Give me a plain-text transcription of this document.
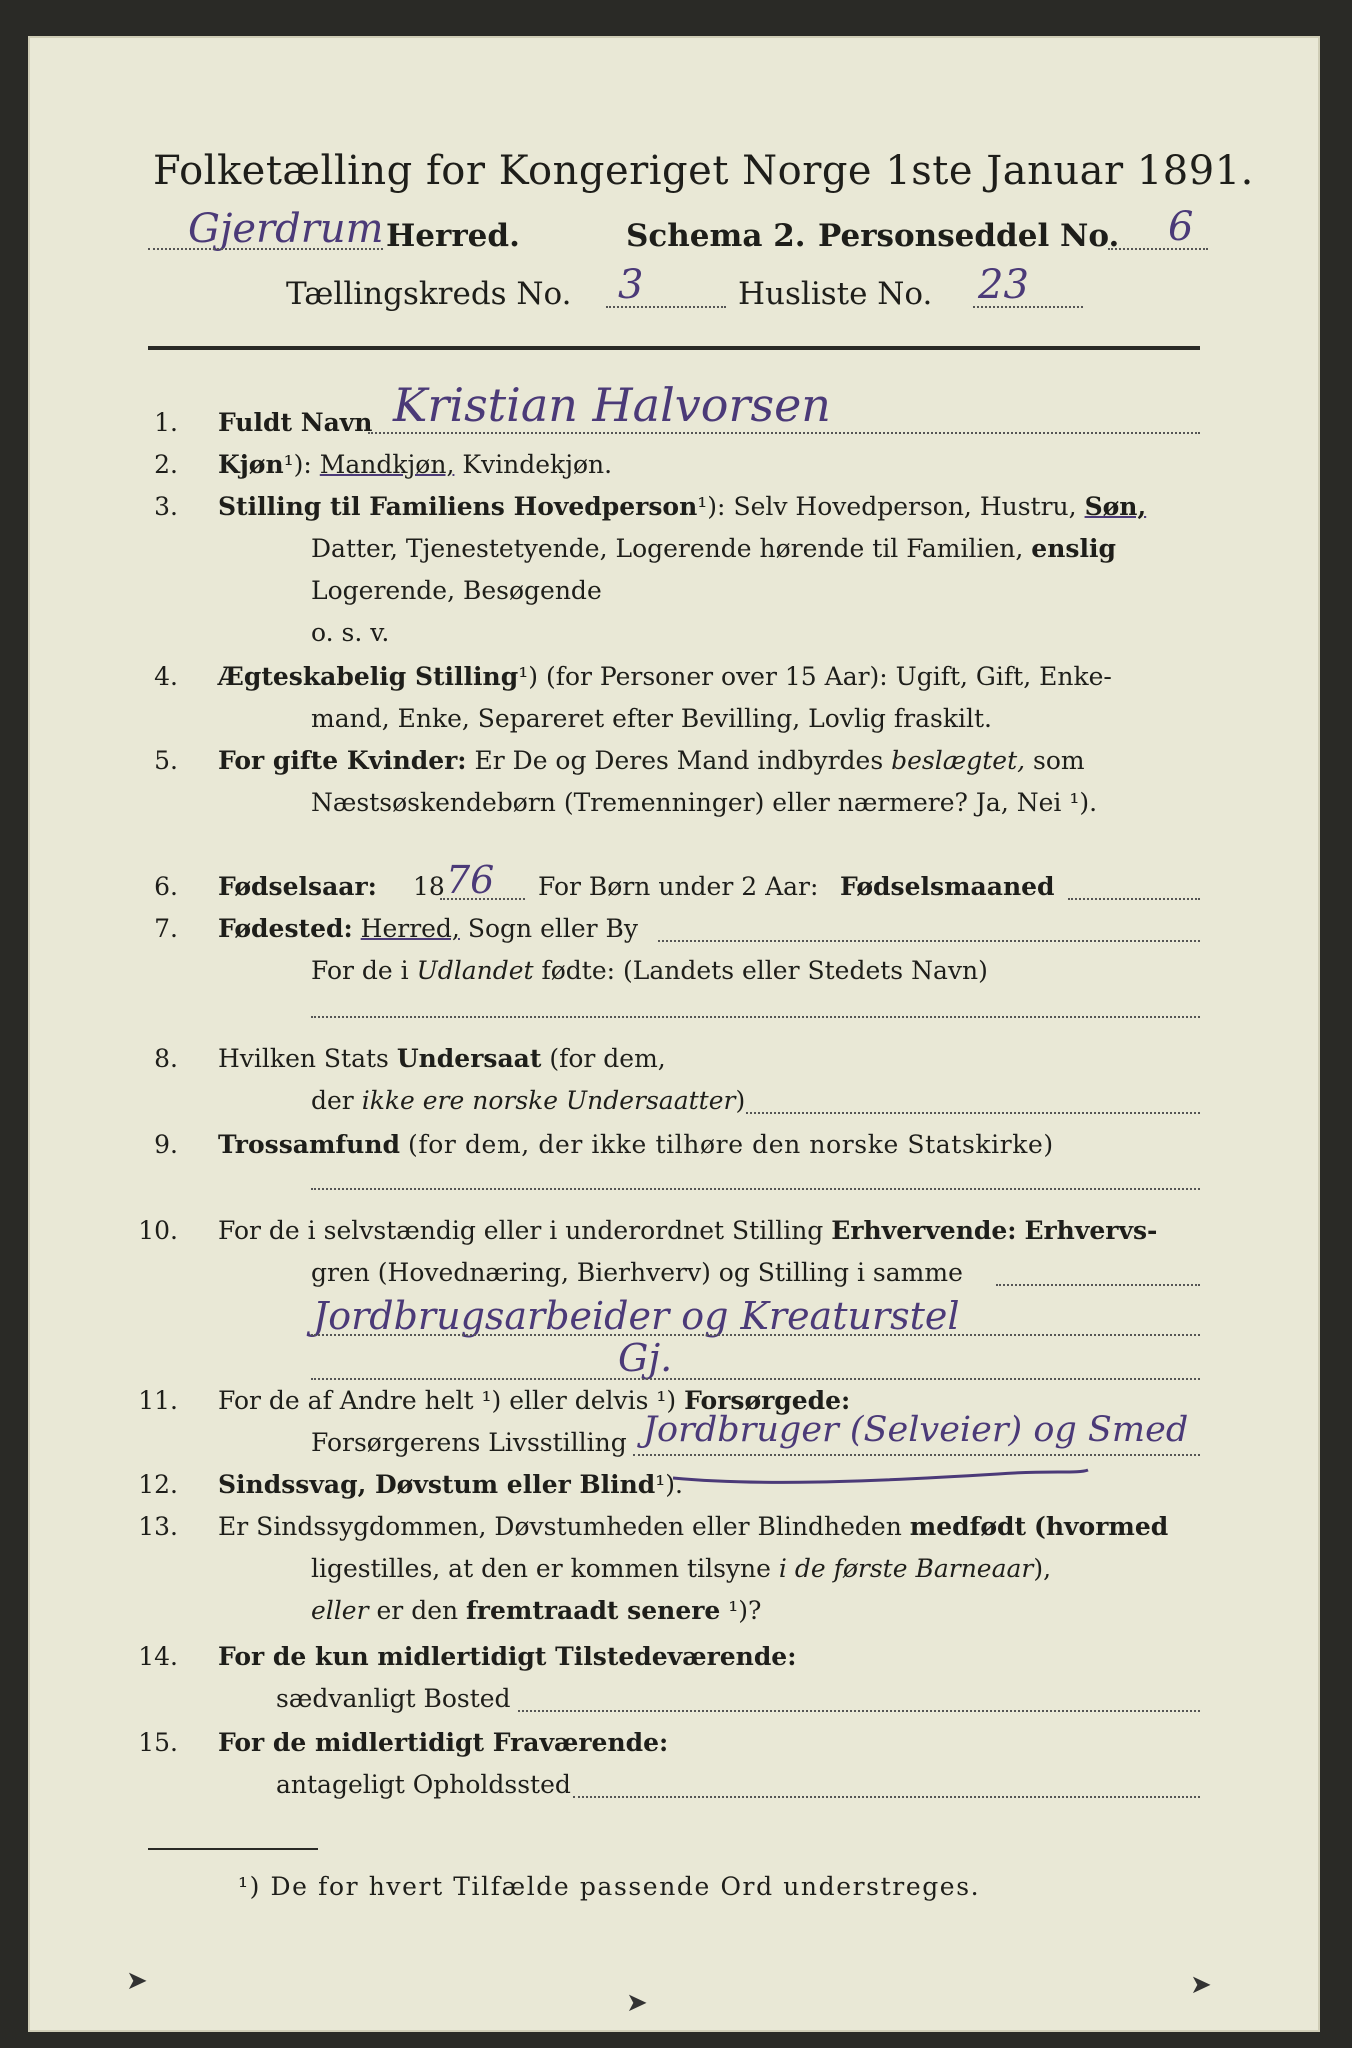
Folketælling for Kongeriget Norge 1ste Januar 1891.
Gjerdrum Herred.	Schema 2. Personseddel No. 6
Tællingskreds No. 3	Husliste No. 23
1. Fuldt Navn Kristian Halvorsen
2. Kjøn¹): Mandkjøn, Kvindekjøn.
3. Stilling til Familiens Hovedperson¹): Selv Hovedperson, Hustru, Søn,
Datter, Tjenestetyende, Logerende hørende til Familien, enslig
Logerende, Besøgende
o. s. v.
4. Ægteskabelig Stilling¹) (for Personer over 15 Aar): Ugift, Gift, Enke-
mand, Enke, Separeret efter Bevilling, Lovlig fraskilt.
5. For gifte Kvinder: Er De og Deres Mand indbyrdes beslægtet, som
Næstsøskendebørn (Tremenninger) eller nærmere? Ja, Nei ¹).
6. Fødselsaar: 18 76 For Børn under 2 Aar: Fødselsmaaned
7. Fødested: Herred, Sogn eller By
For de i Udlandet fødte: (Landets eller Stedets Navn)
8. Hvilken Stats Undersaat (for dem,
der ikke ere norske Undersaatter)
9. Trossamfund (for dem, der ikke tilhøre den norske Statskirke)
10. For de i selvstændig eller i underordnet Stilling Erhvervende: Erhvervs-
gren (Hovednæring, Bierhverv) og Stilling i samme
Jordbrugsarbeider og Kreaturstel
Gj.
11. For de af Andre helt ¹) eller delvis ¹) Forsørgede:
Forsørgerens Livsstilling Jordbruger (Selveier) og Smed
12. Sindssvag, Døvstum eller Blind¹).
13. Er Sindssygdommen, Døvstumheden eller Blindheden medfødt (hvormed
ligestilles, at den er kommen tilsyne i de første Barneaar),
eller er den fremtraadt senere ¹)?
14. For de kun midlertidigt Tilstedeværende:
sædvanligt Bosted
15. For de midlertidigt Fraværende:
antageligt Opholdssted
¹) De for hvert Tilfælde passende Ord understreges.
➤
➤
➤
